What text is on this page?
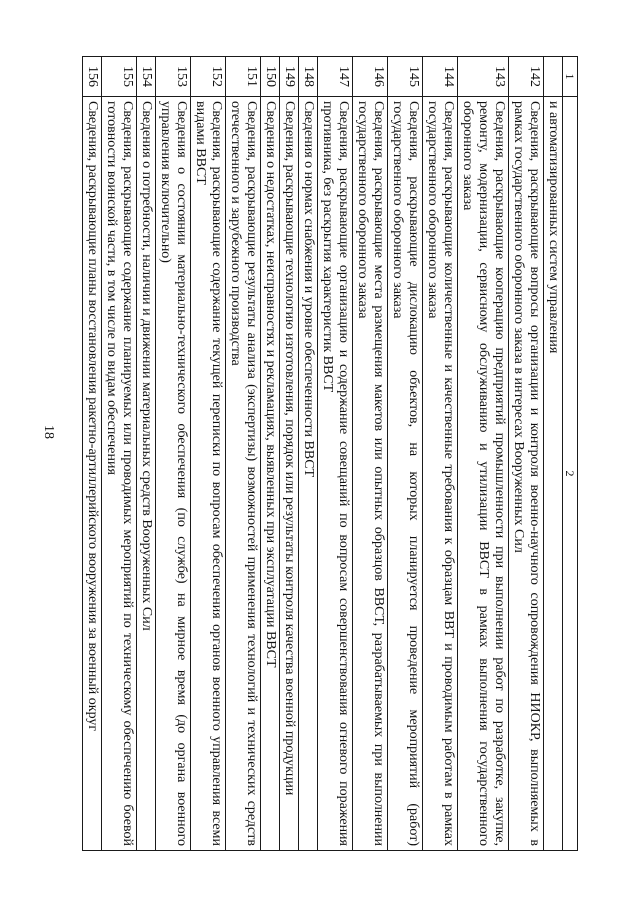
18
1	2
	и автоматизированных систем управления
142	Сведения, раскрывающие вопросы организации и контроля военно-научного сопровождения НИОКР, выполняемых в рамках государственного оборонного заказа в интересах Вооруженных Сил
143	Сведения, раскрывающие кооперацию предприятий промышленности при выполнении работ по разработке, закупке, ремонту, модернизации, сервисному обслуживанию и утилизации ВВСТ в рамках выполнения государственного оборонного заказа
144	Сведения, раскрывающие количественные и качественные требования к образцам ВВТ и проводимым работам в рамках государственного оборонного заказа
145	Сведения, раскрывающие дислокацию объектов, на которых планируется проведение мероприятий (работ) государственного оборонного заказа
146	Сведения, раскрывающие места размещения макетов или опытных образцов ВВСТ, разрабатываемых при выполнении государственного оборонного заказа
147	Сведения, раскрывающие организацию и содержание совещаний по вопросам совершенствования огневого поражения противника, без раскрытия характеристик ВВСТ
148	Сведения о нормах снабжения и уровне обеспеченности ВВСТ
149	Сведения, раскрывающие технологию изготовления, порядок или результаты контроля качества военной продукции
150	Сведения о недостатках, неисправностях и рекламациях, выявленных при эксплуатации ВВСТ
151	Сведения, раскрывающие результаты анализа (экспертизы) возможностей применения технологий и технических средств отечественного и зарубежного производства
152	Сведения, раскрывающие содержание текущей переписки по вопросам обеспечения органов военного управления всеми видами ВВСТ
153	Сведения о состоянии материально-технического обеспечения (по службе) на мирное время (до органа военного управления включительно)
154	Сведения о потребности, наличии и движении материальных средств Вооруженных Сил
155	Сведения, раскрывающие содержание планируемых или проводимых мероприятий по техническому обеспечению боевой готовности воинской части, в том числе по видам обеспечения
156	Сведения, раскрывающие планы восстановления ракетно-артиллерийского вооружения за военный округ
